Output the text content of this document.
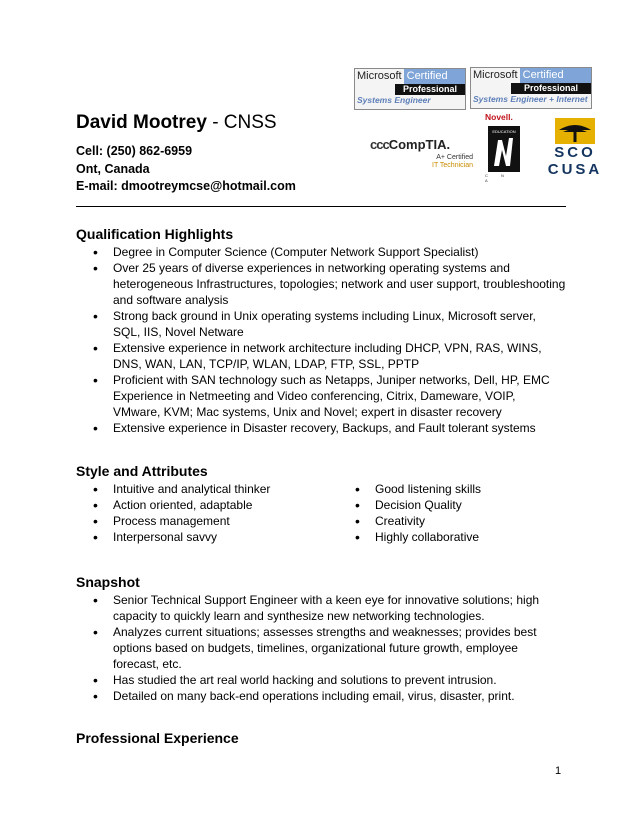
Microsoft Certified
Professional
Systems Engineer
Microsoft Certified
Professional
Systems Engineer + Internet
cccCompTIA.
A+ Certified
IT Technician
Novell.
EDUCATION
C N A
SCO
CUSA
David Mootrey - CNSS
Cell: (250) 862-6959
Ont, Canada
E-mail: dmootreymcse@hotmail.com
Qualification Highlights
• Degree in Computer Science (Computer Network Support Specialist)
• Over 25 years of diverse experiences in networking operating systems and heterogeneous Infrastructures, topologies; network and user support, troubleshooting and software analysis
• Strong back ground in Unix operating systems including Linux, Microsoft server, SQL, IIS, Novel Netware
• Extensive experience in network architecture including DHCP, VPN, RAS, WINS, DNS, WAN, LAN, TCP/IP, WLAN, LDAP, FTP, SSL, PPTP
• Proficient with SAN technology such as Netapps, Juniper networks, Dell, HP, EMC Experience in Netmeeting and Video conferencing, Citrix, Dameware, VOIP, VMware, KVM; Mac systems, Unix and Novel; expert in disaster recovery
• Extensive experience in Disaster recovery, Backups, and Fault tolerant systems
Style and Attributes
• Intuitive and analytical thinker
• Action oriented, adaptable
• Process management
• Interpersonal savvy
• Good listening skills
• Decision Quality
• Creativity
• Highly collaborative
Snapshot
• Senior Technical Support Engineer with a keen eye for innovative solutions; high capacity to quickly learn and synthesize new networking technologies.
• Analyzes current situations; assesses strengths and weaknesses; provides best options based on budgets, timelines, organizational future growth, employee forecast, etc.
• Has studied the art real world hacking and solutions to prevent intrusion.
• Detailed on many back-end operations including email, virus, disaster, print.
Professional Experience
1
